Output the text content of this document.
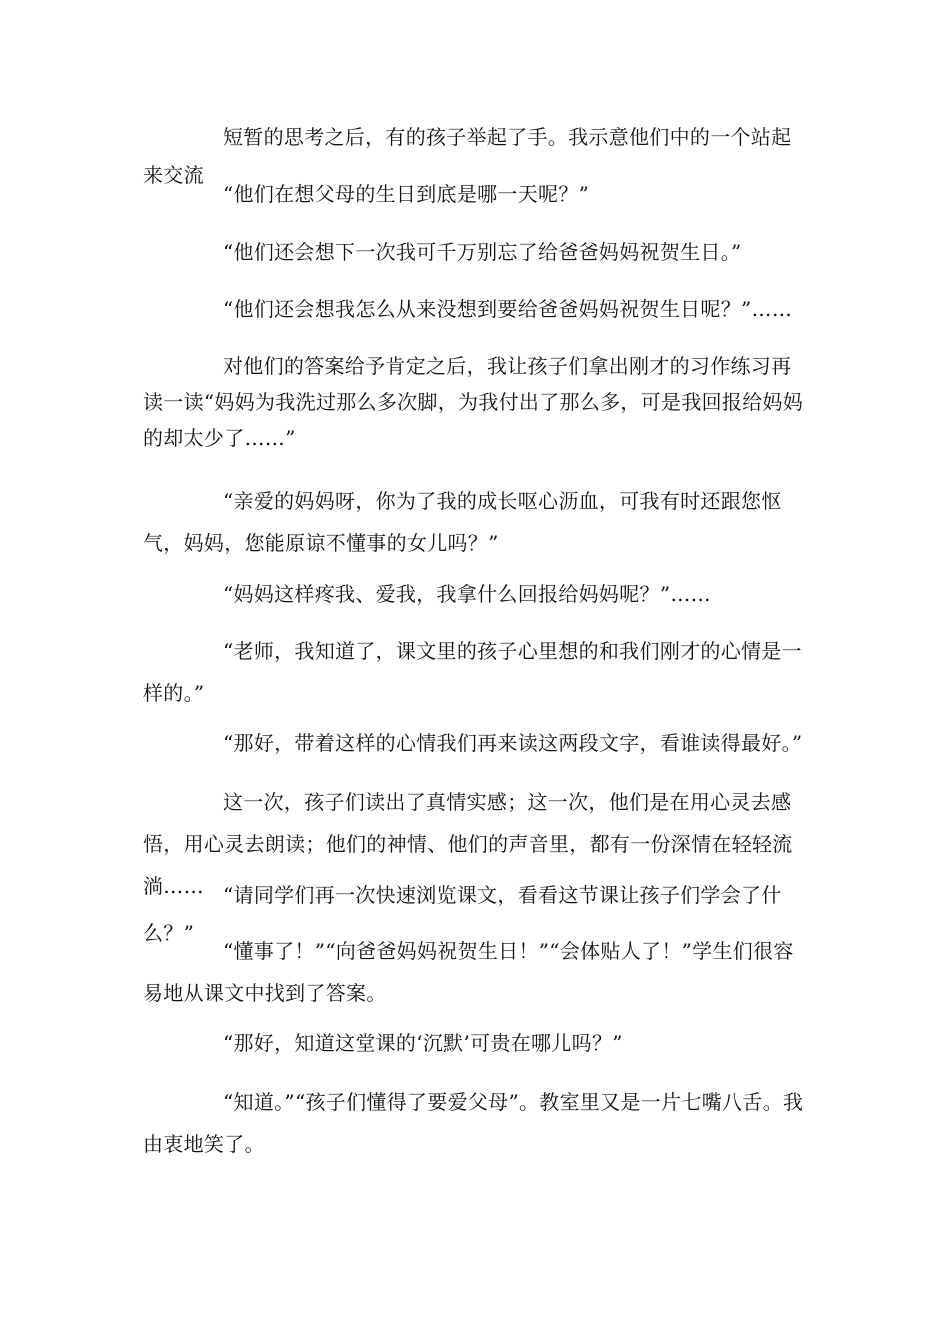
短暂的思考之后，有的孩子举起了手。我示意他们中的一个站起来交流

“他们在想父母的生日到底是哪一天呢？”

“他们还会想下一次我可千万别忘了给爸爸妈妈祝贺生日。”

“他们还会想我怎么从来没想到要给爸爸妈妈祝贺生日呢？”……

对他们的答案给予肯定之后，我让孩子们拿出刚才的习作练习再读一读“妈妈为我洗过那么多次脚，为我付出了那么多，可是我回报给妈妈的却太少了……”

“亲爱的妈妈呀，你为了我的成长呕心沥血，可我有时还跟您怄气，妈妈，您能原谅不懂事的女儿吗？”

“妈妈这样疼我、爱我，我拿什么回报给妈妈呢？”……

“老师，我知道了，课文里的孩子心里想的和我们刚才的心情是一样的。”

“那好，带着这样的心情我们再来读这两段文字，看谁读得最好。”

这一次，孩子们读出了真情实感；这一次，他们是在用心灵去感悟，用心灵去朗读；他们的神情、他们的声音里，都有一份深情在轻轻流淌…… “请同学们再一次快速浏览课文，看看这节课让孩子们学会了什么？”

“懂事了！”“向爸爸妈妈祝贺生日！”“会体贴人了！”学生们很容易地从课文中找到了答案。

“那好，知道这堂课的‘沉默’可贵在哪儿吗？”

“知道。”“孩子们懂得了要爱父母”。教室里又是一片七嘴八舌。我由衷地笑了。
